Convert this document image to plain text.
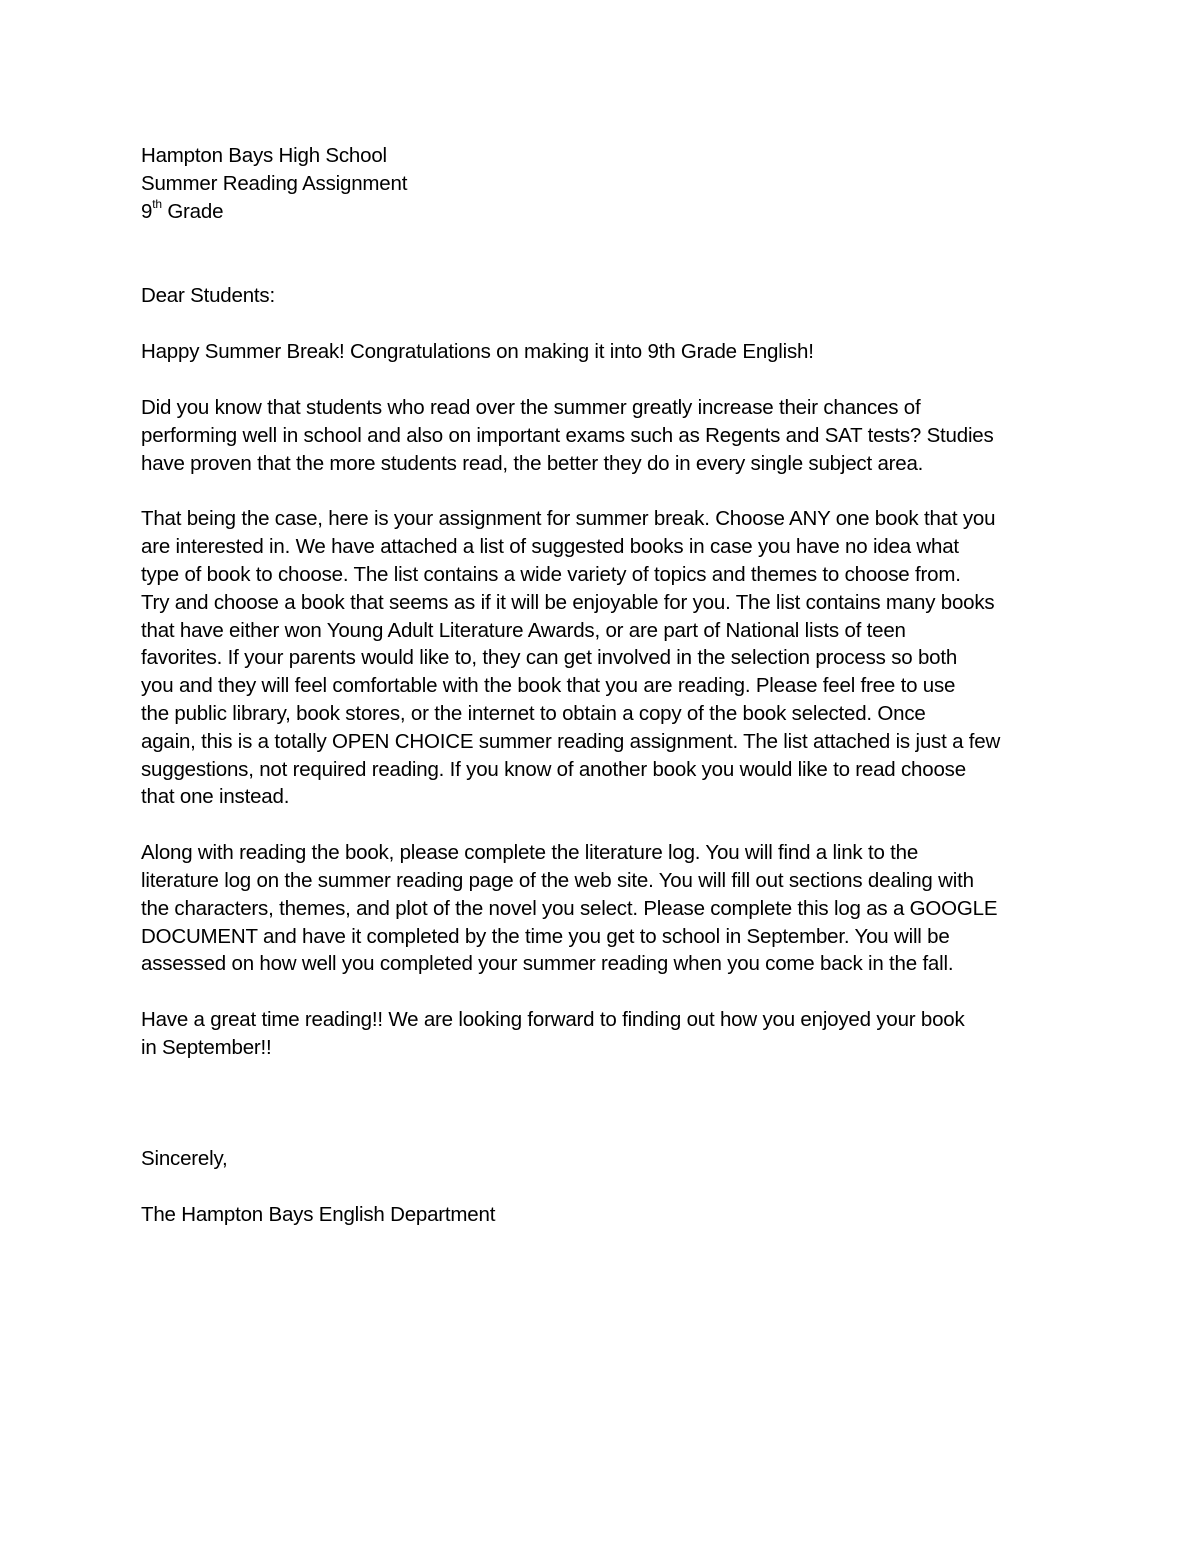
Hampton Bays High School
Summer Reading Assignment
9th Grade
Dear Students:
Happy Summer Break! Congratulations on making it into 9th Grade English!
Did you know that students who read over the summer greatly increase their chances of
performing well in school and also on important exams such as Regents and SAT tests? Studies
have proven that the more students read, the better they do in every single subject area.
That being the case, here is your assignment for summer break. Choose ANY one book that you
are interested in. We have attached a list of suggested books in case you have no idea what
type of book to choose. The list contains a wide variety of topics and themes to choose from.
Try and choose a book that seems as if it will be enjoyable for you. The list contains many books
that have either won Young Adult Literature Awards, or are part of National lists of teen
favorites. If your parents would like to, they can get involved in the selection process so both
you and they will feel comfortable with the book that you are reading. Please feel free to use
the public library, book stores, or the internet to obtain a copy of the book selected. Once
again, this is a totally OPEN CHOICE summer reading assignment. The list attached is just a few
suggestions, not required reading. If you know of another book you would like to read choose
that one instead.
Along with reading the book, please complete the literature log. You will find a link to the
literature log on the summer reading page of the web site. You will fill out sections dealing with
the characters, themes, and plot of the novel you select. Please complete this log as a GOOGLE
DOCUMENT and have it completed by the time you get to school in September. You will be
assessed on how well you completed your summer reading when you come back in the fall.
Have a great time reading!! We are looking forward to finding out how you enjoyed your book
in September!!
Sincerely,
The Hampton Bays English Department
